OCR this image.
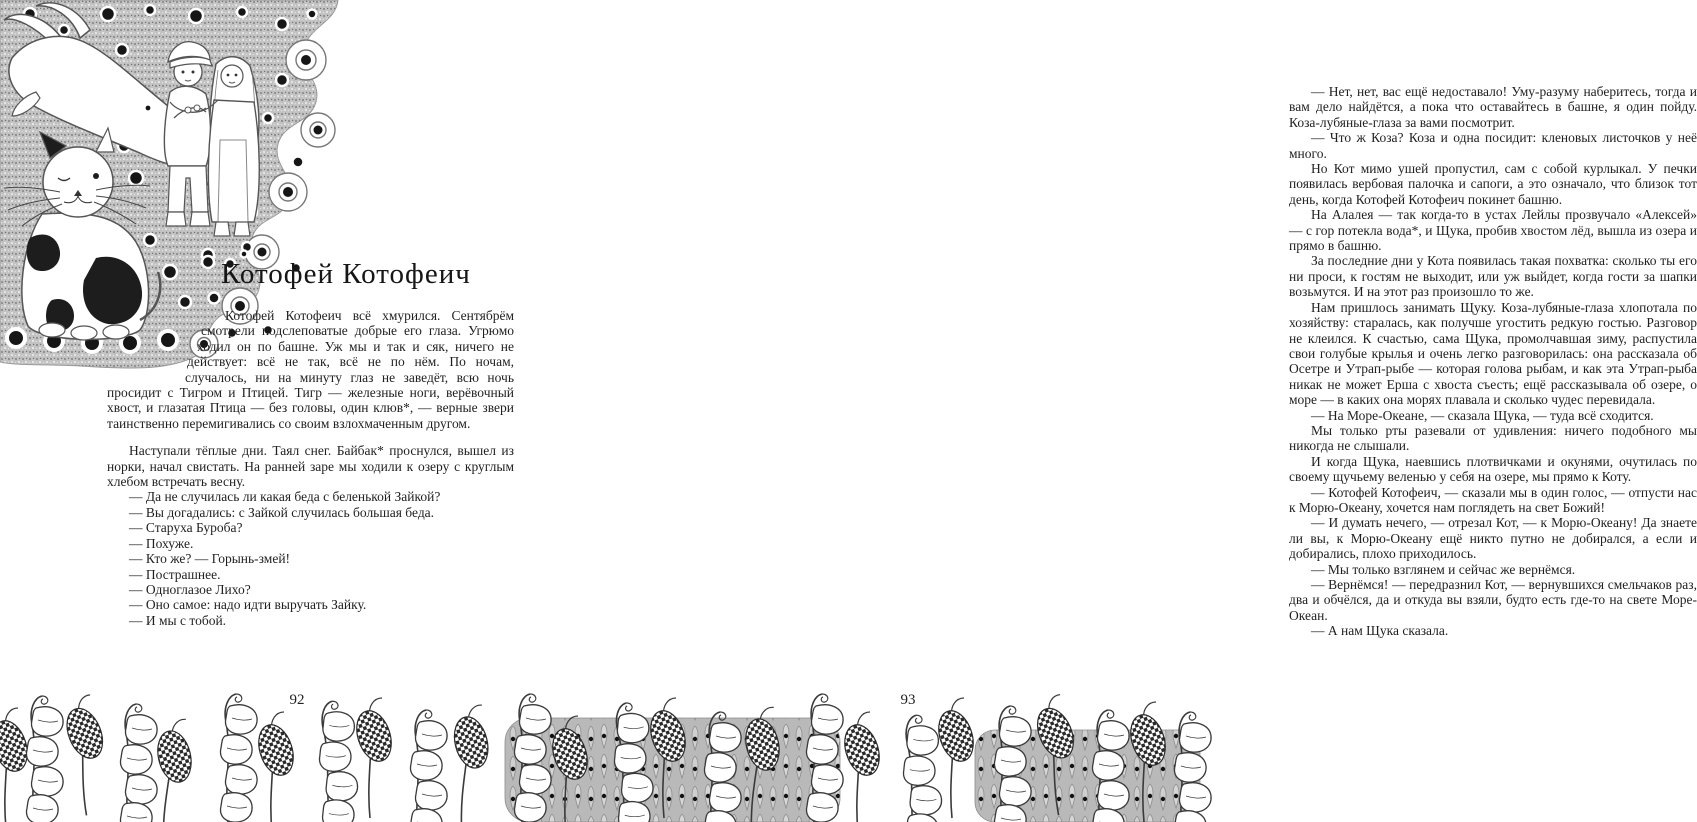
Котофей Котофеич

Котофей Котофеич всё хмурился. Сентябрём смотрели подслеповатые добрые его глаза. Угрюмо ходил он по башне. Уж мы и так и сяк, ничего не действует: всё не так, всё не по нём. По ночам, случалось, ни на минуту глаз не заведёт, всю ночь просидит с Тигром и Птицей. Тигр — железные ноги, верёвочный хвост, и глазатая Птица — без головы, один клюв*, — верные звери таинственно перемигивались со своим взлохмаченным другом.

Наступали тёплые дни. Таял снег. Байбак* проснулся, вышел из норки, начал свистать. На ранней заре мы ходили к озеру с круглым хлебом встречать весну.

— Да не случилась ли какая беда с беленькой Зайкой?

— Вы догадались: с Зайкой случилась большая беда.

— Старуха Буроба?

— Похуже.

— Кто же? — Горынь-змей!

— Пострашнее.

— Одноглазое Лихо?

— Оно самое: надо идти выручать Зайку.

— И мы с тобой.

— Нет, нет, вас ещё недоставало! Уму-разуму наберитесь, тогда и вам дело найдётся, а пока что оставайтесь в башне, я один пойду. Коза-лубяные-глаза за вами посмотрит.

— Что ж Коза? Коза и одна посидит: кленовых листочков у неё много.

Но Кот мимо ушей пропустил, сам с собой курлыкал. У печки появилась вербовая палочка и сапоги, а это означало, что близок тот день, когда Котофей Котофеич покинет башню.

На Алалея — так когда-то в устах Лейлы прозвучало «Алексей» — с гор потекла вода*, и Щука, пробив хвостом лёд, вышла из озера и прямо в башню.

За последние дни у Кота появилась такая похватка: сколько ты его ни проси, к гостям не выходит, или уж выйдет, когда гости за шапки возьмутся. И на этот раз произошло то же.

Нам пришлось занимать Щуку. Коза-лубяные-глаза хлопотала по хозяйству: старалась, как получше угостить редкую гостью. Разговор не клеился. К счастью, сама Щука, промолчавшая зиму, распустила свои голубые крылья и очень легко разговорилась: она рассказала об Осетре и Утрап-рыбе — которая голова рыбам, и как эта Утрап-рыба никак не может Ерша с хвоста съесть; ещё рассказывала об озере, о море — в каких она морях плавала и сколько чудес перевидала.

— На Море-Океане, — сказала Щука, — туда всё сходится.

Мы только рты разевали от удивления: ничего подобного мы никогда не слышали.

И когда Щука, наевшись плотвичками и окунями, очутилась по своему щучьему веленью у себя на озере, мы прямо к Коту.

— Котофей Котофеич, — сказали мы в один голос, — отпусти нас к Морю-Океану, хочется нам поглядеть на свет Божий!

— И думать нечего, — отрезал Кот, — к Морю-Океану! Да знаете ли вы, к Морю-Океану ещё никто путно не добирался, а если и добирались, плохо приходилось.

— Мы только взглянем и сейчас же вернёмся.

— Вернёмся! — передразнил Кот, — вернувшихся смельчаков раз, два и обчёлся, да и откуда вы взяли, будто есть где-то на свете Море-Океан.

— А нам Щука сказала.

92	93
